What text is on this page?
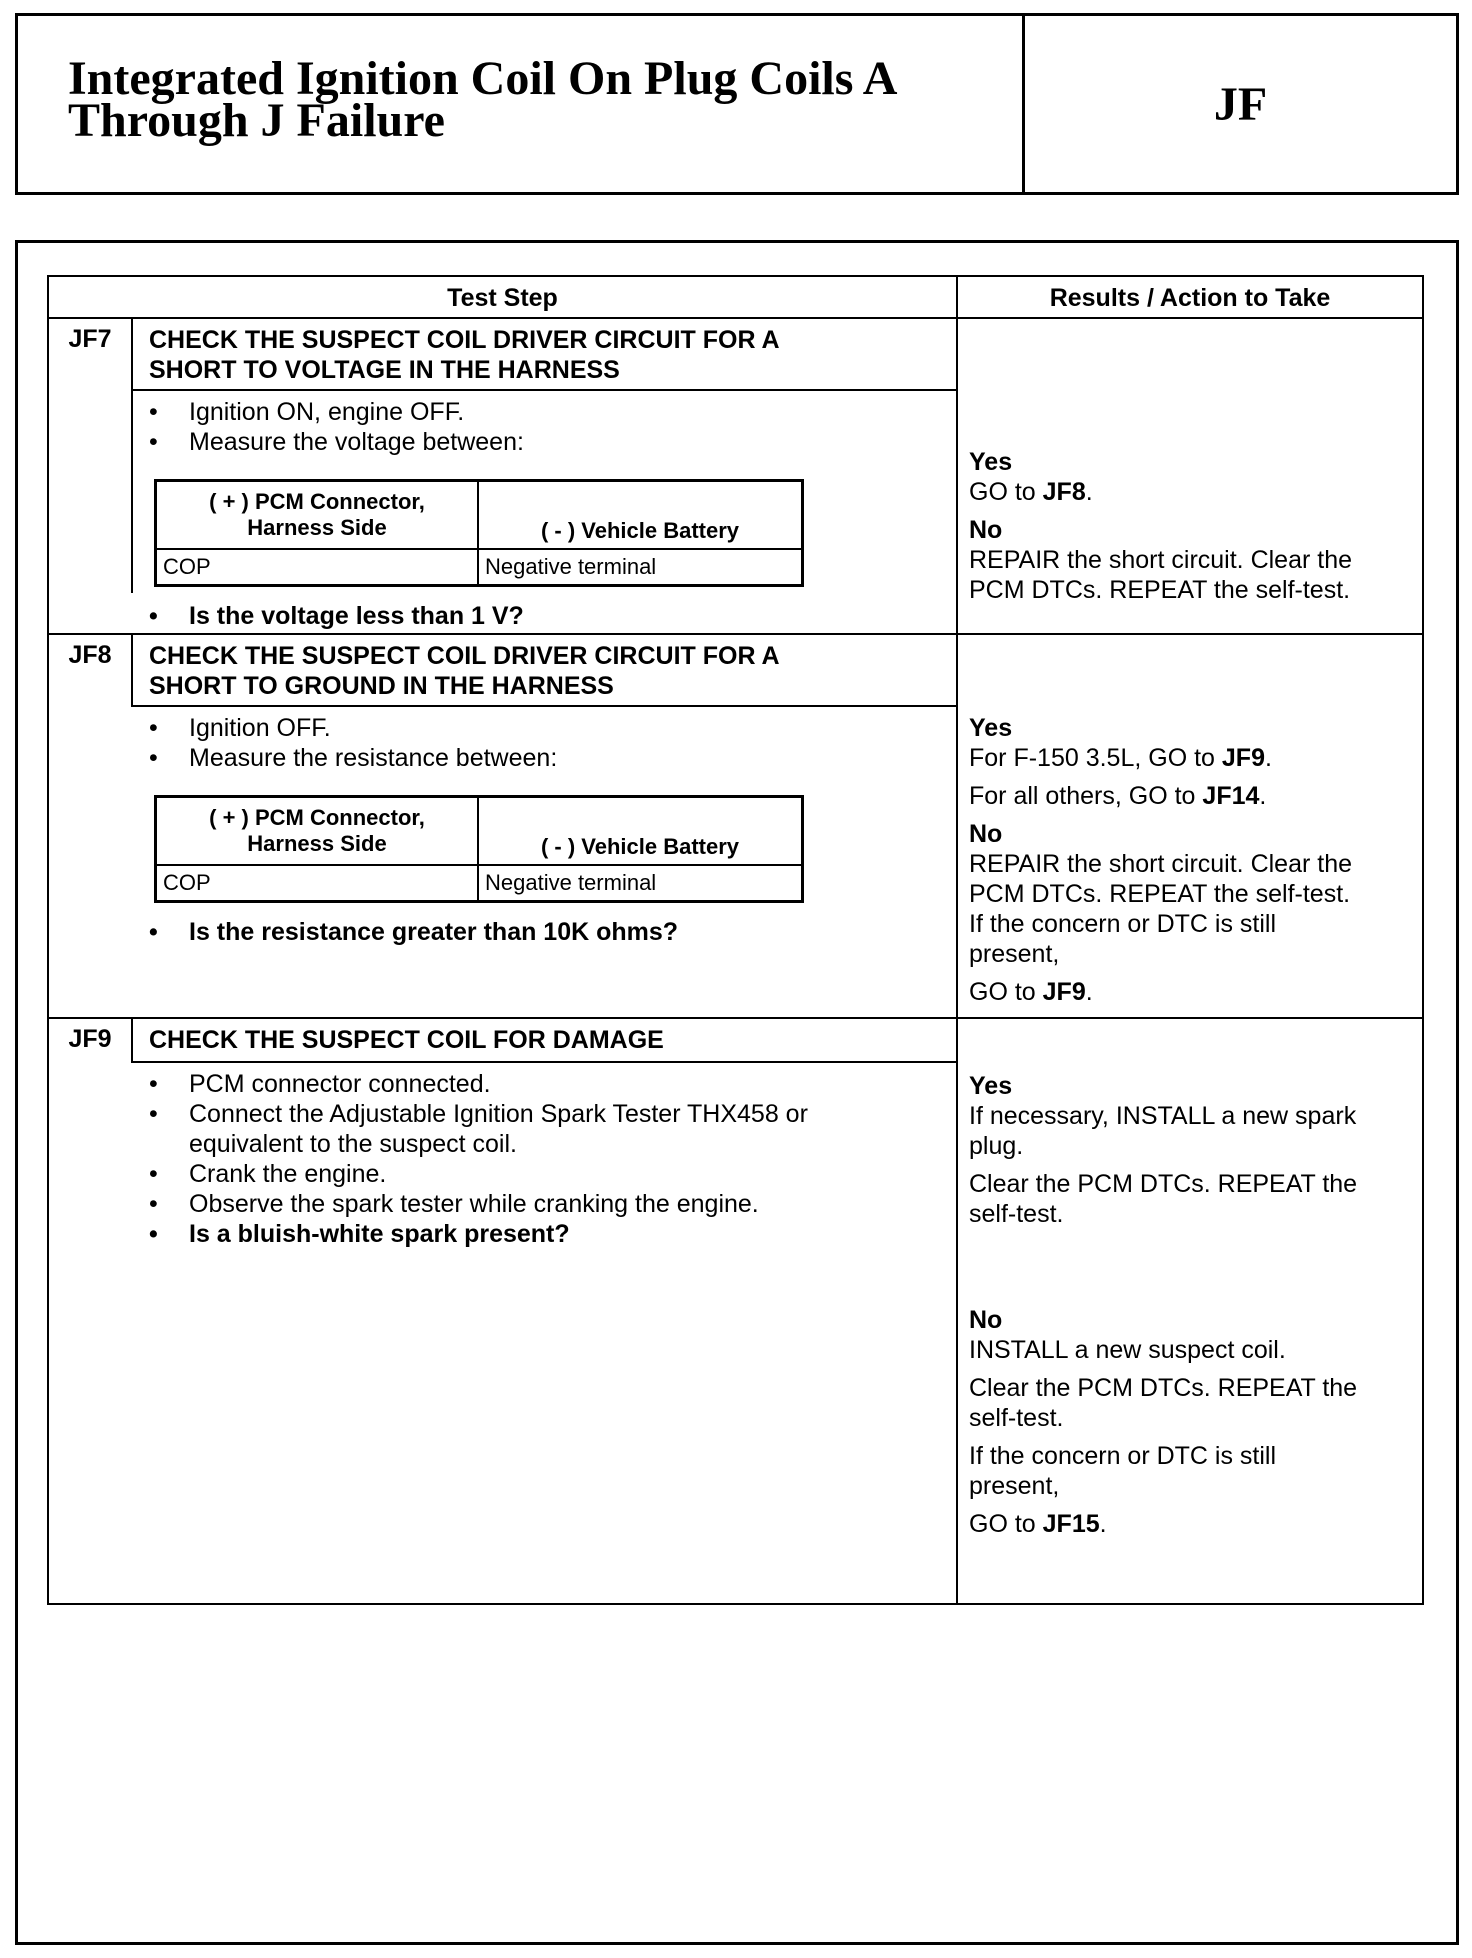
Integrated Ignition Coil On Plug Coils A
Through J Failure	JF
Test Step	Results / Action to Take
JF7	CHECK THE SUSPECT COIL DRIVER CIRCUIT FOR A
SHORT TO VOLTAGE IN THE HARNESS
• Ignition ON, engine OFF.
• Measure the voltage between:
( + ) PCM Connector,
Harness Side	( - ) Vehicle Battery
COP	Negative terminal
• Is the voltage less than 1 V?

Yes

GO to JF8.

No

REPAIR the short circuit. Clear the

PCM DTCs. REPEAT the self-test.

JF8	CHECK THE SUSPECT COIL DRIVER CIRCUIT FOR A
SHORT TO GROUND IN THE HARNESS
• Ignition OFF.
• Measure the resistance between:
( + ) PCM Connector,
Harness Side	( - ) Vehicle Battery
COP	Negative terminal
• Is the resistance greater than 10K ohms?

Yes

For F-150 3.5L, GO to JF9.

For all others, GO to JF14.

No

REPAIR the short circuit. Clear the

PCM DTCs. REPEAT the self-test.

If the concern or DTC is still

present,

GO to JF9.

JF9	CHECK THE SUSPECT COIL FOR DAMAGE
• PCM connector connected.
• Connect the Adjustable Ignition Spark Tester THX458 or
equivalent to the suspect coil.
• Crank the engine.
• Observe the spark tester while cranking the engine.
• Is a bluish-white spark present?

Yes

If necessary, INSTALL a new spark

plug.

Clear the PCM DTCs. REPEAT the

self-test.

No

INSTALL a new suspect coil.

Clear the PCM DTCs. REPEAT the

self-test.

If the concern or DTC is still

present,

GO to JF15.
